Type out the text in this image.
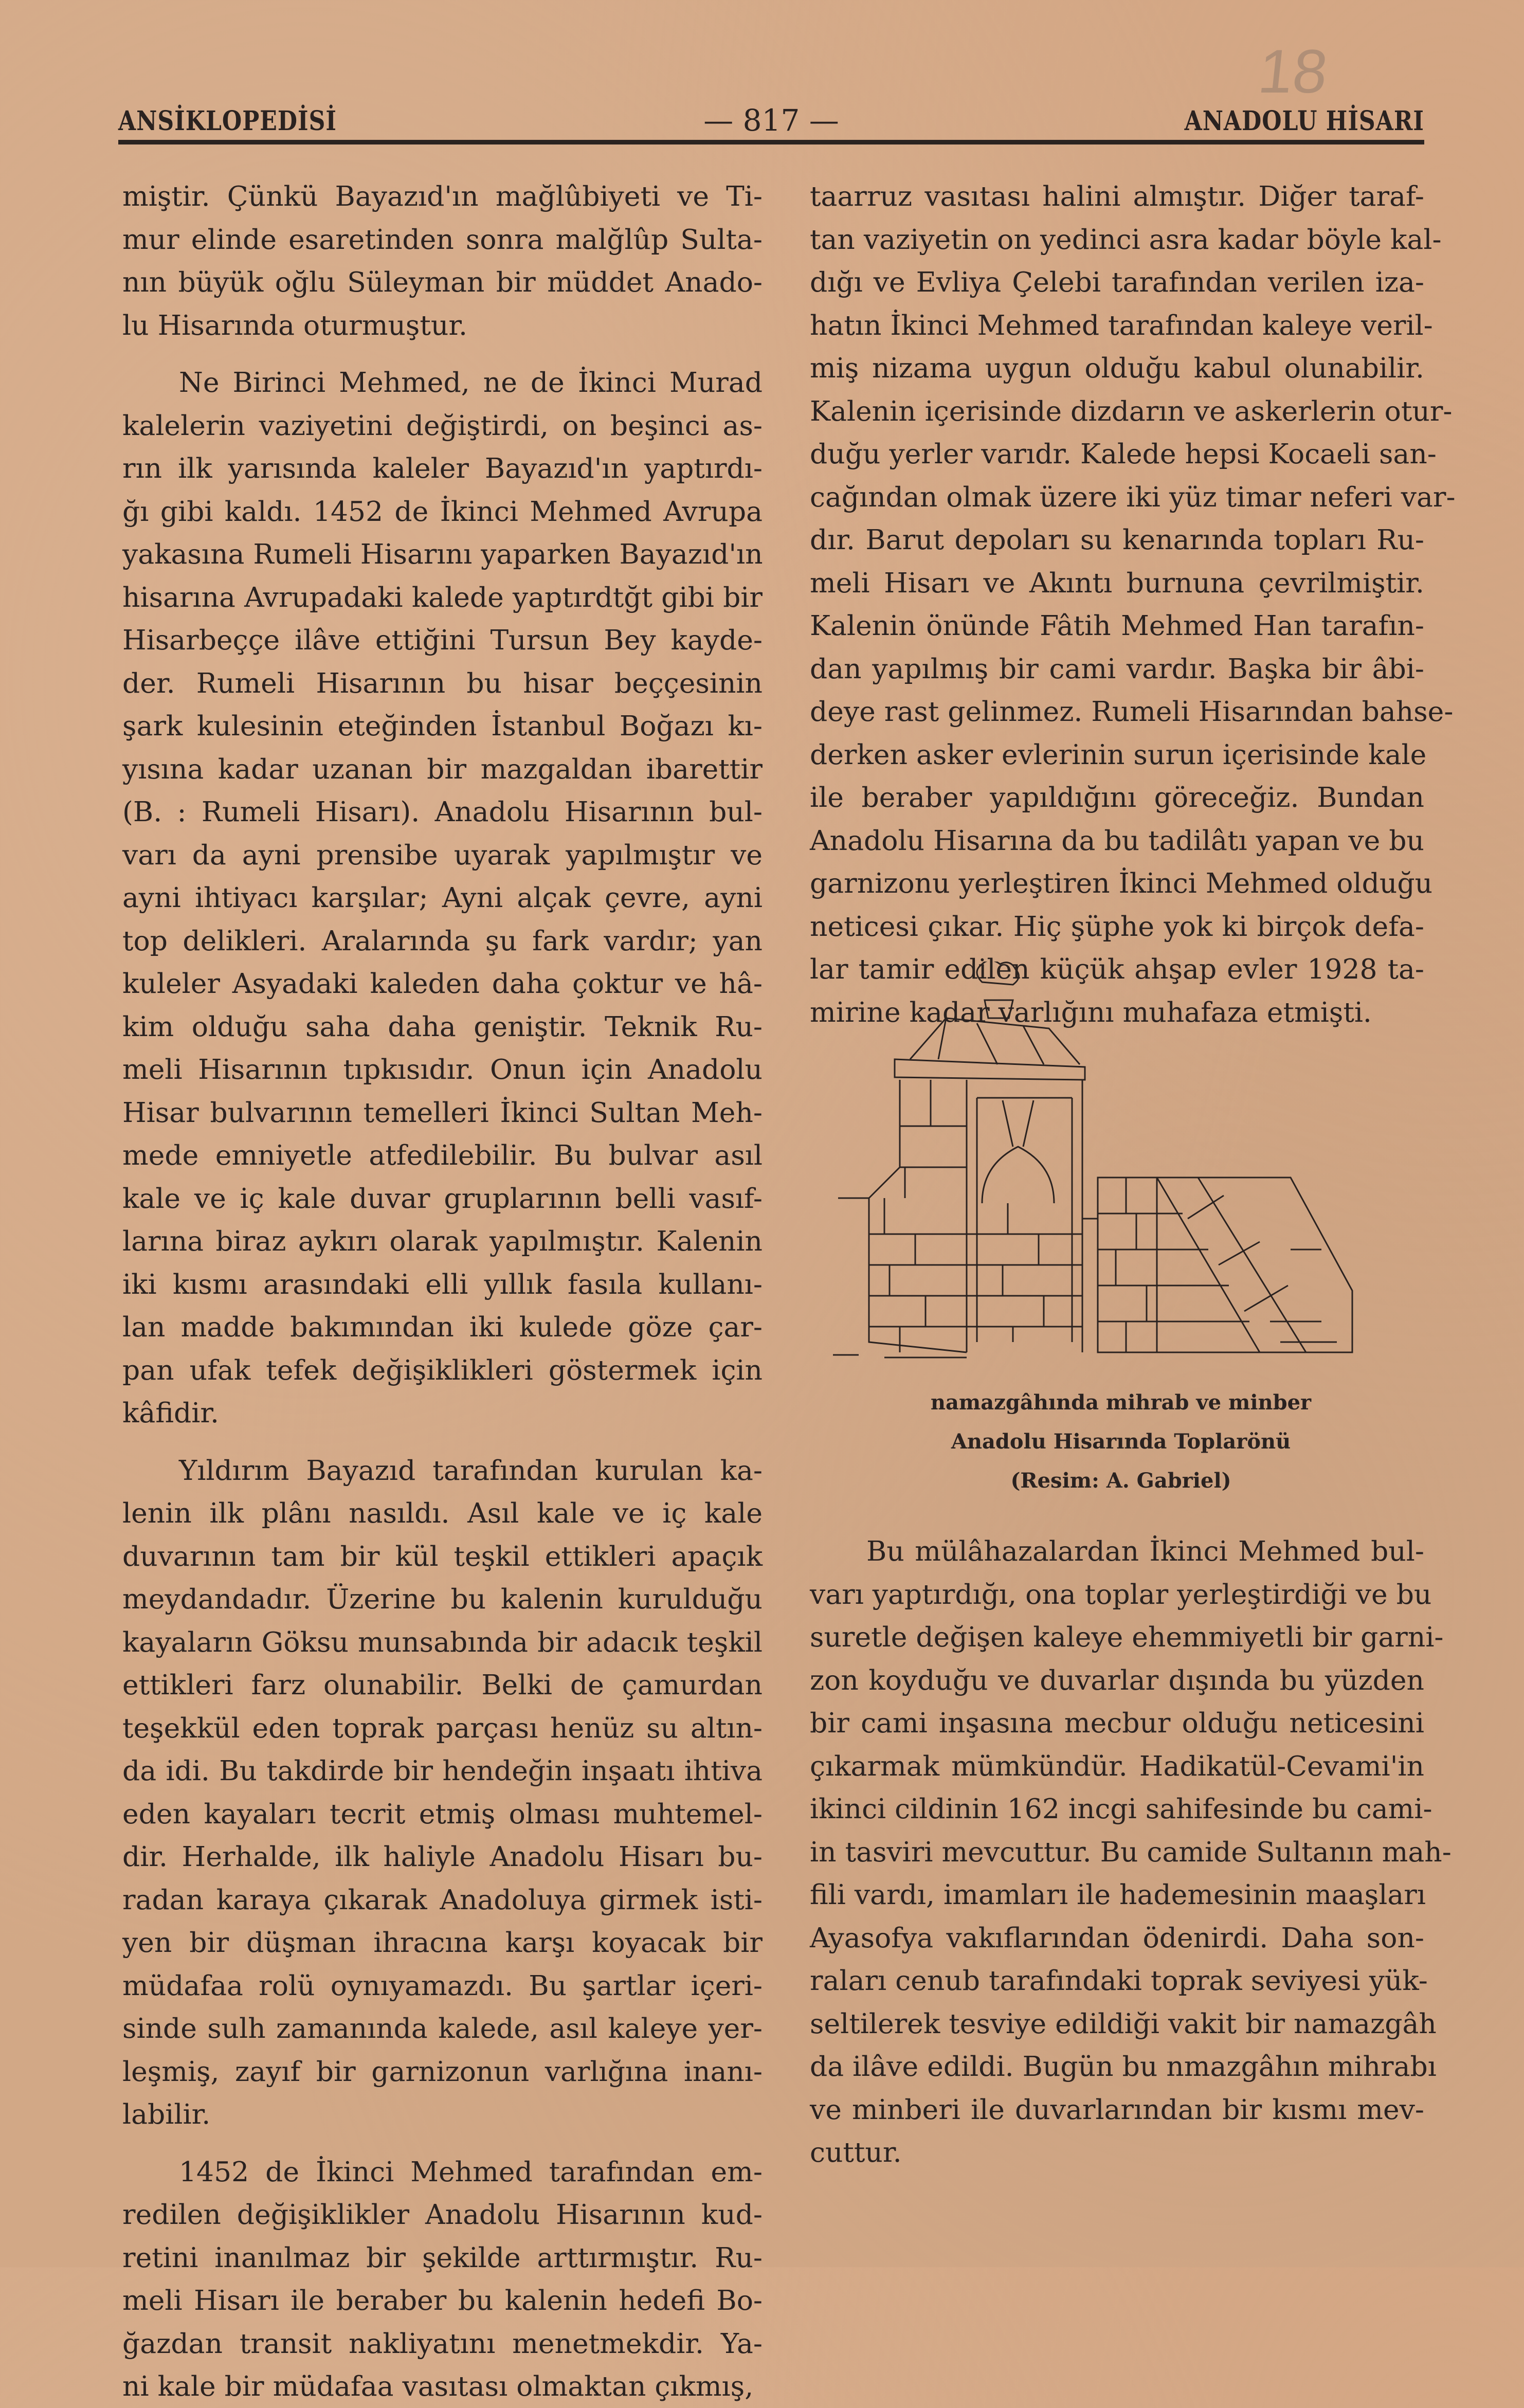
18
ANSİKLOPEDİSİ	— 817 —	ANADOLU HİSARI
miştir. Çünkü Bayazıd'ın mağlûbiyeti ve Ti-
mur elinde esaretinden sonra malğlûp Sulta-
nın büyük oğlu Süleyman bir müddet Anado-
lu Hisarında oturmuştur.
Ne Birinci Mehmed, ne de İkinci Murad
kalelerin vaziyetini değiştirdi, on beşinci as-
rın ilk yarısında kaleler Bayazıd'ın yaptırdı-
ğı gibi kaldı. 1452 de İkinci Mehmed Avrupa
yakasına Rumeli Hisarını yaparken Bayazıd'ın
hisarına Avrupadaki kalede yaptırdtğt gibi bir
Hisarbeççe ilâve ettiğini Tursun Bey kayde-
der. Rumeli Hisarının bu hisar beççesinin
şark kulesinin eteğinden İstanbul Boğazı kı-
yısına kadar uzanan bir mazgaldan ibarettir
(B. : Rumeli Hisarı). Anadolu Hisarının bul-
varı da ayni prensibe uyarak yapılmıştır ve
ayni ihtiyacı karşılar; Ayni alçak çevre, ayni
top delikleri. Aralarında şu fark vardır; yan
kuleler Asyadaki kaleden daha çoktur ve hâ-
kim olduğu saha daha geniştir. Teknik Ru-
meli Hisarının tıpkısıdır. Onun için Anadolu
Hisar bulvarının temelleri İkinci Sultan Meh-
mede emniyetle atfedilebilir. Bu bulvar asıl
kale ve iç kale duvar gruplarının belli vasıf-
larına biraz aykırı olarak yapılmıştır. Kalenin
iki kısmı arasındaki elli yıllık fasıla kullanı-
lan madde bakımından iki kulede göze çar-
pan ufak tefek değişiklikleri göstermek için
kâfidir.
Yıldırım Bayazıd tarafından kurulan ka-
lenin ilk plânı nasıldı. Asıl kale ve iç kale
duvarının tam bir kül teşkil ettikleri apaçık
meydandadır. Üzerine bu kalenin kurulduğu
kayaların Göksu munsabında bir adacık teşkil
ettikleri farz olunabilir. Belki de çamurdan
teşekkül eden toprak parçası henüz su altın-
da idi. Bu takdirde bir hendeğin inşaatı ihtiva
eden kayaları tecrit etmiş olması muhtemel-
dir. Herhalde, ilk haliyle Anadolu Hisarı bu-
radan karaya çıkarak Anadoluya girmek isti-
yen bir düşman ihracına karşı koyacak bir
müdafaa rolü oynıyamazdı. Bu şartlar içeri-
sinde sulh zamanında kalede, asıl kaleye yer-
leşmiş, zayıf bir garnizonun varlığına inanı-
labilir.
1452 de İkinci Mehmed tarafından em-
redilen değişiklikler Anadolu Hisarının kud-
retini inanılmaz bir şekilde arttırmıştır. Ru-
meli Hisarı ile beraber bu kalenin hedefi Bo-
ğazdan transit nakliyatını menetmekdir. Ya-
ni kale bir müdafaa vasıtası olmaktan çıkmış,
taarruz vasıtası halini almıştır. Diğer taraf-
tan vaziyetin on yedinci asra kadar böyle kal-
dığı ve Evliya Çelebi tarafından verilen iza-
hatın İkinci Mehmed tarafından kaleye veril-
miş nizama uygun olduğu kabul olunabilir.
Kalenin içerisinde dizdarın ve askerlerin otur-
duğu yerler varıdr. Kalede hepsi Kocaeli san-
cağından olmak üzere iki yüz timar neferi var-
dır. Barut depoları su kenarında topları Ru-
meli Hisarı ve Akıntı burnuna çevrilmiştir.
Kalenin önünde Fâtih Mehmed Han tarafın-
dan yapılmış bir cami vardır. Başka bir âbi-
deye rast gelinmez. Rumeli Hisarından bahse-
derken asker evlerinin surun içerisinde kale
ile beraber yapıldığını göreceğiz. Bundan
Anadolu Hisarına da bu tadilâtı yapan ve bu
garnizonu yerleştiren İkinci Mehmed olduğu
neticesi çıkar. Hiç şüphe yok ki birçok defa-
lar tamir edilen küçük ahşap evler 1928 ta-
mirine kadar varlığını muhafaza etmişti.
namazgâhında mihrab ve minber
Anadolu Hisarında Toplarönü
(Resim: A. Gabriel)
Bu mülâhazalardan İkinci Mehmed bul-
varı yaptırdığı, ona toplar yerleştirdiği ve bu
suretle değişen kaleye ehemmiyetli bir garni-
zon koyduğu ve duvarlar dışında bu yüzden
bir cami inşasına mecbur olduğu neticesini
çıkarmak mümkündür. Hadikatül-Cevami'in
ikinci cildinin 162 incgi sahifesinde bu cami-
in tasviri mevcuttur. Bu camide Sultanın mah-
fili vardı, imamları ile hademesinin maaşları
Ayasofya vakıflarından ödenirdi. Daha son-
raları cenub tarafındaki toprak seviyesi yük-
seltilerek tesviye edildiği vakit bir namazgâh
da ilâve edildi. Bugün bu nmazgâhın mihrabı
ve minberi ile duvarlarından bir kısmı mev-
cuttur.
